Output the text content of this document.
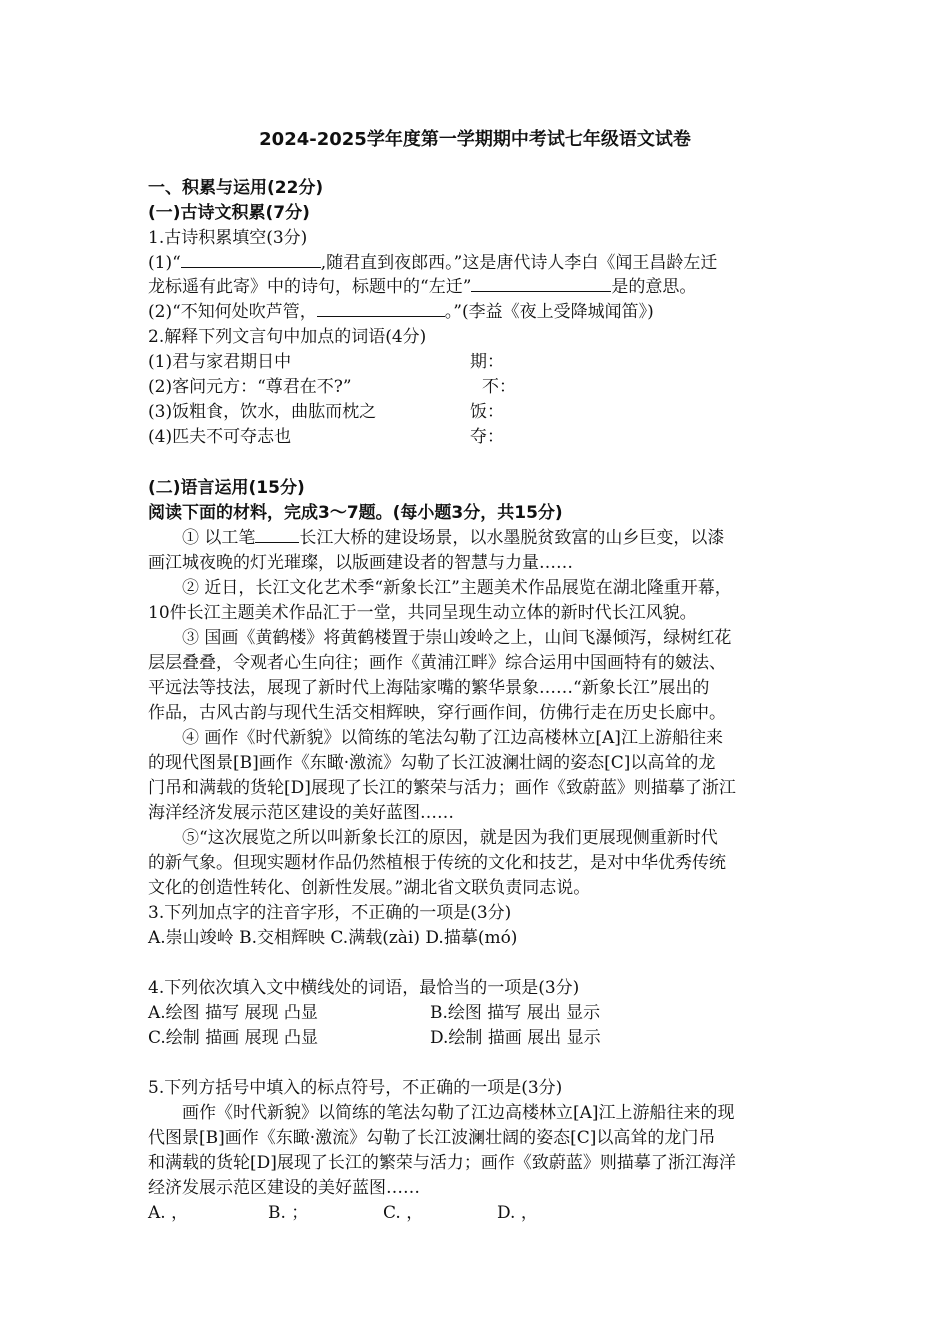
2024-2025学年度第一学期期中考试七年级语文试卷
一、积累与运用(22分)
(一)古诗文积累(7分)
1.古诗积累填空(3分)
(1)“	,随君直到夜郎西。”这是唐代诗人李白《闻王昌龄左迁
龙标遥有此寄》中的诗句，标题中的“左迁”	是的意思。
(2)“不知何处吹芦管，	。”(李益《夜上受降城闻笛》)
2.解释下列文言句中加点的词语(4分)
(1)君与家君期日中	期：
(2)客问元方：“尊君在不?”	不：
(3)饭粗食，饮水，曲肱而枕之	饭：
(4)匹夫不可夺志也	夺：
(二)语言运用(15分)
阅读下面的材料，完成3～7题。(每小题3分，共15分)
① 以工笔	长江大桥的建设场景，以水墨脱贫致富的山乡巨变，以漆
画江城夜晚的灯光璀璨，以版画建设者的智慧与力量……
② 近日，长江文化艺术季“新象长江”主题美术作品展览在湖北隆重开幕，
10件长江主题美术作品汇于一堂，共同呈现生动立体的新时代长江风貌。
③ 国画《黄鹤楼》将黄鹤楼置于崇山竣岭之上，山间飞瀑倾泻，绿树红花
层层叠叠，令观者心生向往；画作《黄浦江畔》综合运用中国画特有的皴法、
平远法等技法，展现了新时代上海陆家嘴的繁华景象……“新象长江”展出的
作品，古风古韵与现代生活交相辉映，穿行画作间，仿佛行走在历史长廊中。
④ 画作《时代新貌》以简练的笔法勾勒了江边高楼林立[A]江上游船往来
的现代图景[B]画作《东瞰·激流》勾勒了长江波澜壮阔的姿态[C]以高耸的龙
门吊和满载的货轮[D]展现了长江的繁荣与活力；画作《致蔚蓝》则描摹了浙江
海洋经济发展示范区建设的美好蓝图……
⑤“这次展览之所以叫新象长江的原因，就是因为我们更展现侧重新时代
的新气象。但现实题材作品仍然植根于传统的文化和技艺，是对中华优秀传统
文化的创造性转化、创新性发展。”湖北省文联负责同志说。
3.下列加点字的注音字形，不正确的一项是(3分)
A.崇山竣岭 B.交相辉映 C.满载(zài) D.描摹(mó)
4.下列依次填入文中横线处的词语，最恰当的一项是(3分)
A.绘图 描写 展现 凸显	B.绘图 描写 展出 显示
C.绘制 描画 展现 凸显	D.绘制 描画 展出 显示
5.下列方括号中填入的标点符号，不正确的一项是(3分)
画作《时代新貌》以简练的笔法勾勒了江边高楼林立[A]江上游船往来的现
代图景[B]画作《东瞰·激流》勾勒了长江波澜壮阔的姿态[C]以高耸的龙门吊
和满载的货轮[D]展现了长江的繁荣与活力；画作《致蔚蓝》则描摹了浙江海洋
经济发展示范区建设的美好蓝图……
A. ，	B. ；	C. ，	D. ，
